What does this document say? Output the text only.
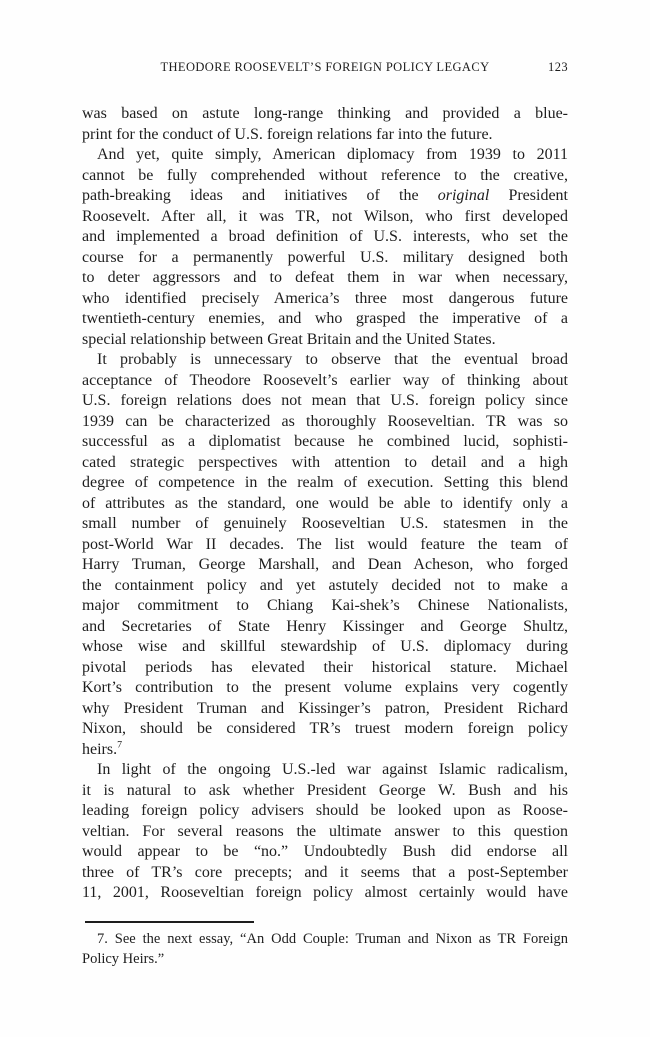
THEODORE ROOSEVELT’S FOREIGN POLICY LEGACY	123
was based on astute long-range thinking and provided a blue-
print for the conduct of U.S. foreign relations far into the future.
And yet, quite simply, American diplomacy from 1939 to 2011
cannot be fully comprehended without reference to the creative,
path-breaking ideas and initiatives of the original President
Roosevelt. After all, it was TR, not Wilson, who first developed
and implemented a broad definition of U.S. interests, who set the
course for a permanently powerful U.S. military designed both
to deter aggressors and to defeat them in war when necessary,
who identified precisely America’s three most dangerous future
twentieth-century enemies, and who grasped the imperative of a
special relationship between Great Britain and the United States.
It probably is unnecessary to observe that the eventual broad
acceptance of Theodore Roosevelt’s earlier way of thinking about
U.S. foreign relations does not mean that U.S. foreign policy since
1939 can be characterized as thoroughly Rooseveltian. TR was so
successful as a diplomatist because he combined lucid, sophisti-
cated strategic perspectives with attention to detail and a high
degree of competence in the realm of execution. Setting this blend
of attributes as the standard, one would be able to identify only a
small number of genuinely Rooseveltian U.S. statesmen in the
post-World War II decades. The list would feature the team of
Harry Truman, George Marshall, and Dean Acheson, who forged
the containment policy and yet astutely decided not to make a
major commitment to Chiang Kai-shek’s Chinese Nationalists,
and Secretaries of State Henry Kissinger and George Shultz,
whose wise and skillful stewardship of U.S. diplomacy during
pivotal periods has elevated their historical stature. Michael
Kort’s contribution to the present volume explains very cogently
why President Truman and Kissinger’s patron, President Richard
Nixon, should be considered TR’s truest modern foreign policy
heirs.$^7$
In light of the ongoing U.S.-led war against Islamic radicalism,
it is natural to ask whether President George W. Bush and his
leading foreign policy advisers should be looked upon as Roose-
veltian. For several reasons the ultimate answer to this question
would appear to be “no.” Undoubtedly Bush did endorse all
three of TR’s core precepts; and it seems that a post-September
11, 2001, Rooseveltian foreign policy almost certainly would have
7. See the next essay, “An Odd Couple: Truman and Nixon as TR Foreign
Policy Heirs.”
